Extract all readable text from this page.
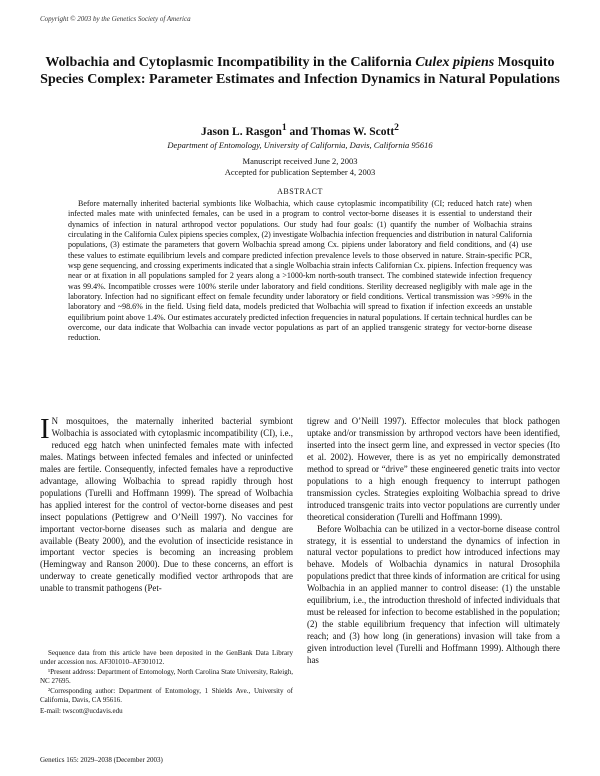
Copyright © 2003 by the Genetics Society of America
Wolbachia and Cytoplasmic Incompatibility in the California Culex pipiens Mosquito Species Complex: Parameter Estimates and Infection Dynamics in Natural Populations
Jason L. Rasgon$^1$ and Thomas W. Scott$^2$
Department of Entomology, University of California, Davis, California 95616
Manuscript received June 2, 2003
Accepted for publication September 4, 2003
ABSTRACT
Before maternally inherited bacterial symbionts like Wolbachia, which cause cytoplasmic incompatibility (CI; reduced hatch rate) when infected males mate with uninfected females, can be used in a program to control vector-borne diseases it is essential to understand their dynamics of infection in natural arthropod vector populations. Our study had four goals: (1) quantify the number of Wolbachia strains circulating in the California Culex pipiens species complex, (2) investigate Wolbachia infection frequencies and distribution in natural California populations, (3) estimate the parameters that govern Wolbachia spread among Cx. pipiens under laboratory and field conditions, and (4) use these values to estimate equilibrium levels and compare predicted infection prevalence levels to those observed in nature. Strain-specific PCR, wsp gene sequencing, and crossing experiments indicated that a single Wolbachia strain infects Californian Cx. pipiens. Infection frequency was near or at fixation in all populations sampled for 2 years along a >1000-km north-south transect. The combined statewide infection frequency was 99.4%. Incompatible crosses were 100% sterile under laboratory and field conditions. Sterility decreased negligibly with male age in the laboratory. Infection had no significant effect on female fecundity under laboratory or field conditions. Vertical transmission was >99% in the laboratory and ~98.6% in the field. Using field data, models predicted that Wolbachia will spread to fixation if infection exceeds an unstable equilibrium point above 1.4%. Our estimates accurately predicted infection frequencies in natural populations. If certain technical hurdles can be overcome, our data indicate that Wolbachia can invade vector populations as part of an applied transgenic strategy for vector-borne disease reduction.

I N mosquitoes, the maternally inherited bacterial symbiont Wolbachia is associated with cytoplasmic incompatibility (CI), i.e., reduced egg hatch when uninfected females mate with infected males. Matings between infected females and infected or uninfected males are fertile. Consequently, infected females have a reproductive advantage, allowing Wolbachia to spread rapidly through host populations (Turelli and Hoffmann 1999). The spread of Wolbachia has applied interest for the control of vector-borne diseases and pest insect populations (Pettigrew and O’Neill 1997). No vaccines for important vector-borne diseases such as malaria and dengue are available (Beaty 2000), and the evolution of insecticide resistance in important vector species is becoming an increasing problem (Hemingway and Ranson 2000). Due to these concerns, an effort is underway to create genetically modified vector arthropods that are unable to transmit pathogens (Pet-

tigrew and O’Neill 1997). Effector molecules that block pathogen uptake and/or transmission by arthropod vectors have been identified, inserted into the insect germ line, and expressed in vector species (Ito et al. 2002). However, there is as yet no empirically demonstrated method to spread or “drive” these engineered genetic traits into vector populations to a high enough frequency to interrupt pathogen transmission cycles. Strategies exploiting Wolbachia spread to drive introduced transgenic traits into vector populations are currently under theoretical consideration (Turelli and Hoffmann 1999).

Before Wolbachia can be utilized in a vector-borne disease control strategy, it is essential to understand the dynamics of infection in natural vector populations to predict how introduced infections may behave. Models of Wolbachia dynamics in natural Drosophila populations predict that three kinds of information are critical for using Wolbachia in an applied manner to control disease: (1) the unstable equilibrium, i.e., the introduction threshold of infected individuals that must be released for infection to become established in the population; (2) the stable equilibrium frequency that infection will ultimately reach; and (3) how long (in generations) invasion will take from a given introduction level (Turelli and Hoffmann 1999). Although there has

Sequence data from this article have been deposited in the GenBank Data Library under accession nos. AF301010–AF301012.

¹Present address: Department of Entomology, North Carolina State University, Raleigh, NC 27695.

²Corresponding author: Department of Entomology, 1 Shields Ave., University of California, Davis, CA 95616.

E-mail: twscott@ucdavis.edu

Genetics 165: 2029–2038 (December 2003)
